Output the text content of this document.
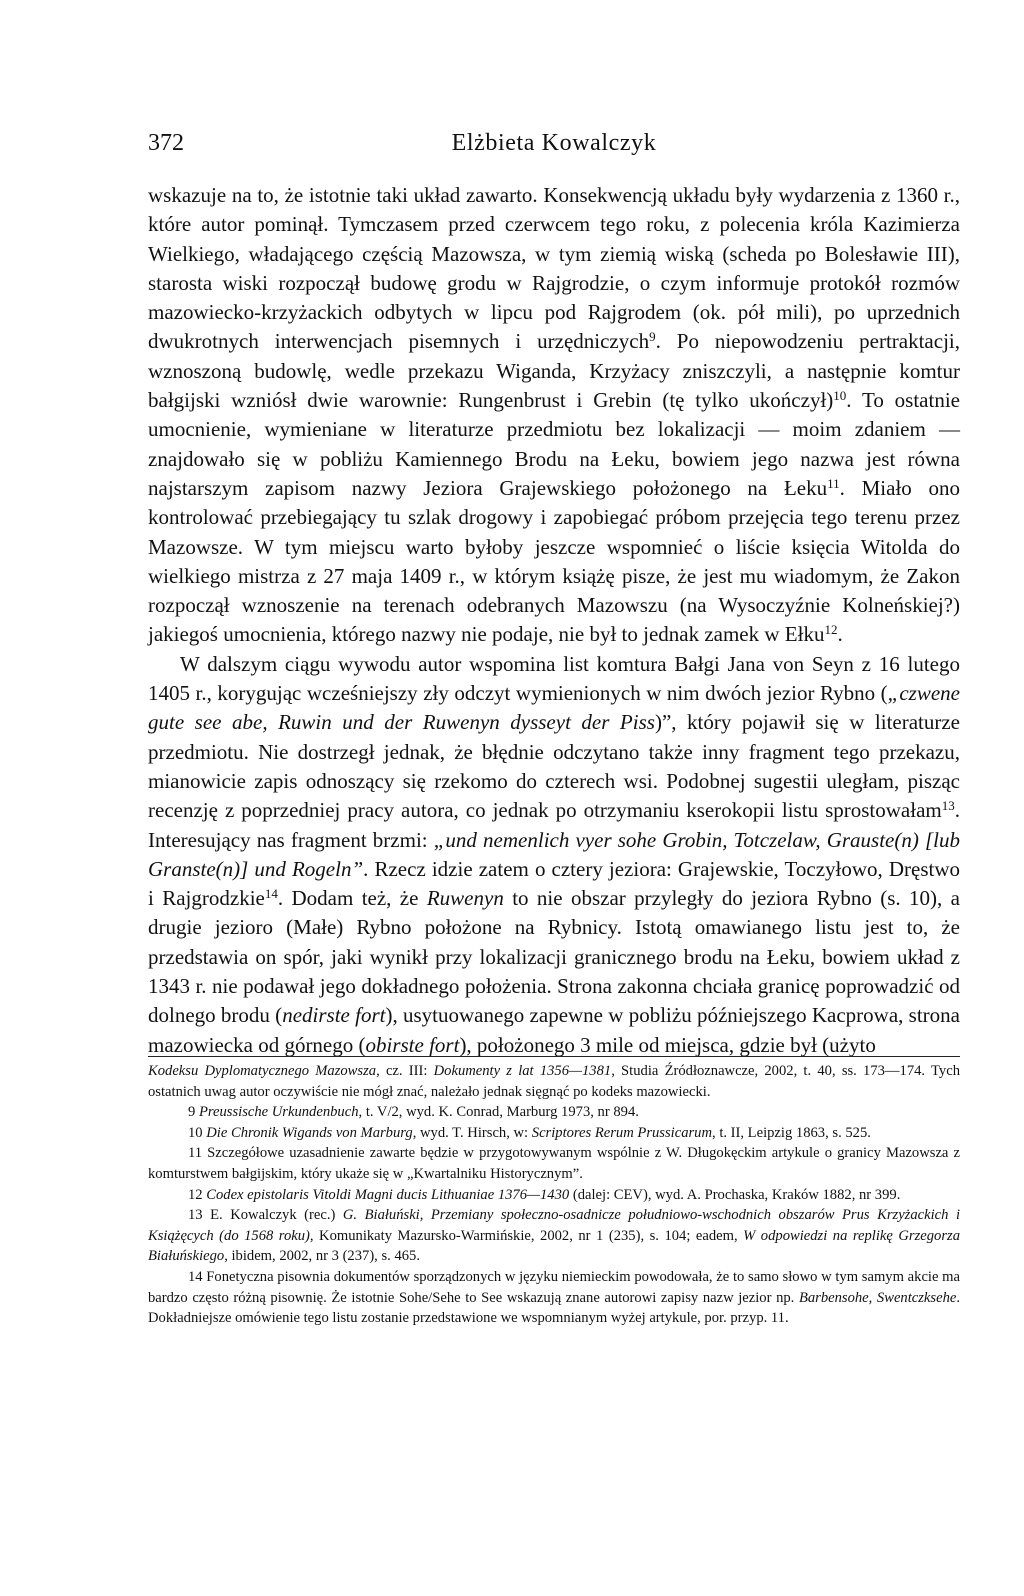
372	Elżbieta Kowalczyk

wskazuje na to, że istotnie taki układ zawarto. Konsekwencją układu były wydarzenia z 1360 r., które autor pominął. Tymczasem przed czerwcem tego roku, z polecenia króla Kazimierza Wielkiego, władającego częścią Mazowsza, w tym ziemią wiską (scheda po Bolesławie III), starosta wiski rozpoczął budowę grodu w Rajgrodzie, o czym informuje protokół rozmów mazowiecko-krzyżackich odbytych w lipcu pod Rajgrodem (ok. pół mili), po uprzednich dwukrotnych interwencjach pisemnych i urzędniczych$^9$. Po niepowodzeniu pertraktacji, wznoszoną budowlę, wedle przekazu Wiganda, Krzyżacy zniszczyli, a następnie komtur bałgijski wzniósł dwie warownie: Rungenbrust i Grebin (tę tylko ukończył)$^{10}$. To ostatnie umocnienie, wymieniane w literaturze przedmiotu bez lokalizacji — moim zdaniem — znajdowało się w pobliżu Kamiennego Brodu na Łeku, bowiem jego nazwa jest równa najstarszym zapisom nazwy Jeziora Grajewskiego położonego na Łeku$^{11}$. Miało ono kontrolować przebiegający tu szlak drogowy i zapobiegać próbom przejęcia tego terenu przez Mazowsze. W tym miejscu warto byłoby jeszcze wspomnieć o liście księcia Witolda do wielkiego mistrza z 27 maja 1409 r., w którym książę pisze, że jest mu wiadomym, że Zakon rozpoczął wznoszenie na terenach odebranych Mazowszu (na Wysoczyźnie Kolneńskiej?) jakiegoś umocnienia, którego nazwy nie podaje, nie był to jednak zamek w Ełku$^{12}$.

W dalszym ciągu wywodu autor wspomina list komtura Bałgi Jana von Seyn z 16 lutego 1405 r., korygując wcześniejszy zły odczyt wymienionych w nim dwóch jezior Rybno („czwene gute see abe, Ruwin und der Ruwenyn dysseyt der Piss)”, który pojawił się w literaturze przedmiotu. Nie dostrzegł jednak, że błędnie odczytano także inny fragment tego przekazu, mianowicie zapis odnoszący się rzekomo do czterech wsi. Podobnej sugestii uległam, pisząc recenzję z poprzedniej pracy autora, co jednak po otrzymaniu kserokopii listu sprostowałam$^{13}$. Interesujący nas fragment brzmi: „und nemenlich vyer sohe Grobin, Totczelaw, Grauste(n) [lub Granste(n)] und Rogeln”. Rzecz idzie zatem o cztery jeziora: Grajewskie, Toczyłowo, Dręstwo i Rajgrodzkie$^{14}$. Dodam też, że Ruwenyn to nie obszar przyległy do jeziora Rybno (s. 10), a drugie jezioro (Małe) Rybno położone na Rybnicy. Istotą omawianego listu jest to, że przedstawia on spór, jaki wynikł przy lokalizacji granicznego brodu na Łeku, bowiem układ z 1343 r. nie podawał jego dokładnego położenia. Strona zakonna chciała granicę poprowadzić od dolnego brodu (nedirste fort), usytuowanego zapewne w pobliżu późniejszego Kacprowa, strona mazowiecka od górnego (obirste fort), położonego 3 mile od miejsca, gdzie był (użyto

Kodeksu Dyplomatycznego Mazowsza, cz. III: Dokumenty z lat 1356—1381, Studia Źródłoznawcze, 2002, t. 40, ss. 173—174. Tych ostatnich uwag autor oczywiście nie mógł znać, należało jednak sięgnąć po kodeks mazowiecki.

9 Preussische Urkundenbuch, t. V/2, wyd. K. Conrad, Marburg 1973, nr 894.

10 Die Chronik Wigands von Marburg, wyd. T. Hirsch, w: Scriptores Rerum Prussicarum, t. II, Leipzig 1863, s. 525.

11 Szczegółowe uzasadnienie zawarte będzie w przygotowywanym wspólnie z W. Długokęckim artykule o granicy Mazowsza z komturstwem bałgijskim, który ukaże się w „Kwartalniku Historycznym”.

12 Codex epistolaris Vitoldi Magni ducis Lithuaniae 1376—1430 (dalej: CEV), wyd. A. Prochaska, Kraków 1882, nr 399.

13 E. Kowalczyk (rec.) G. Białuński, Przemiany społeczno-osadnicze południowo-wschodnich obszarów Prus Krzyżackich i Książęcych (do 1568 roku), Komunikaty Mazursko-Warmińskie, 2002, nr 1 (235), s. 104; eadem, W odpowiedzi na replikę Grzegorza Białuńskiego, ibidem, 2002, nr 3 (237), s. 465.

14 Fonetyczna pisownia dokumentów sporządzonych w języku niemieckim powodowała, że to samo słowo w tym samym akcie ma bardzo często różną pisownię. Że istotnie Sohe/Sehe to See wskazują znane autorowi zapisy nazw jezior np. Barbensohe, Swentczksehe. Dokładniejsze omówienie tego listu zostanie przedstawione we wspomnianym wyżej artykule, por. przyp. 11.
